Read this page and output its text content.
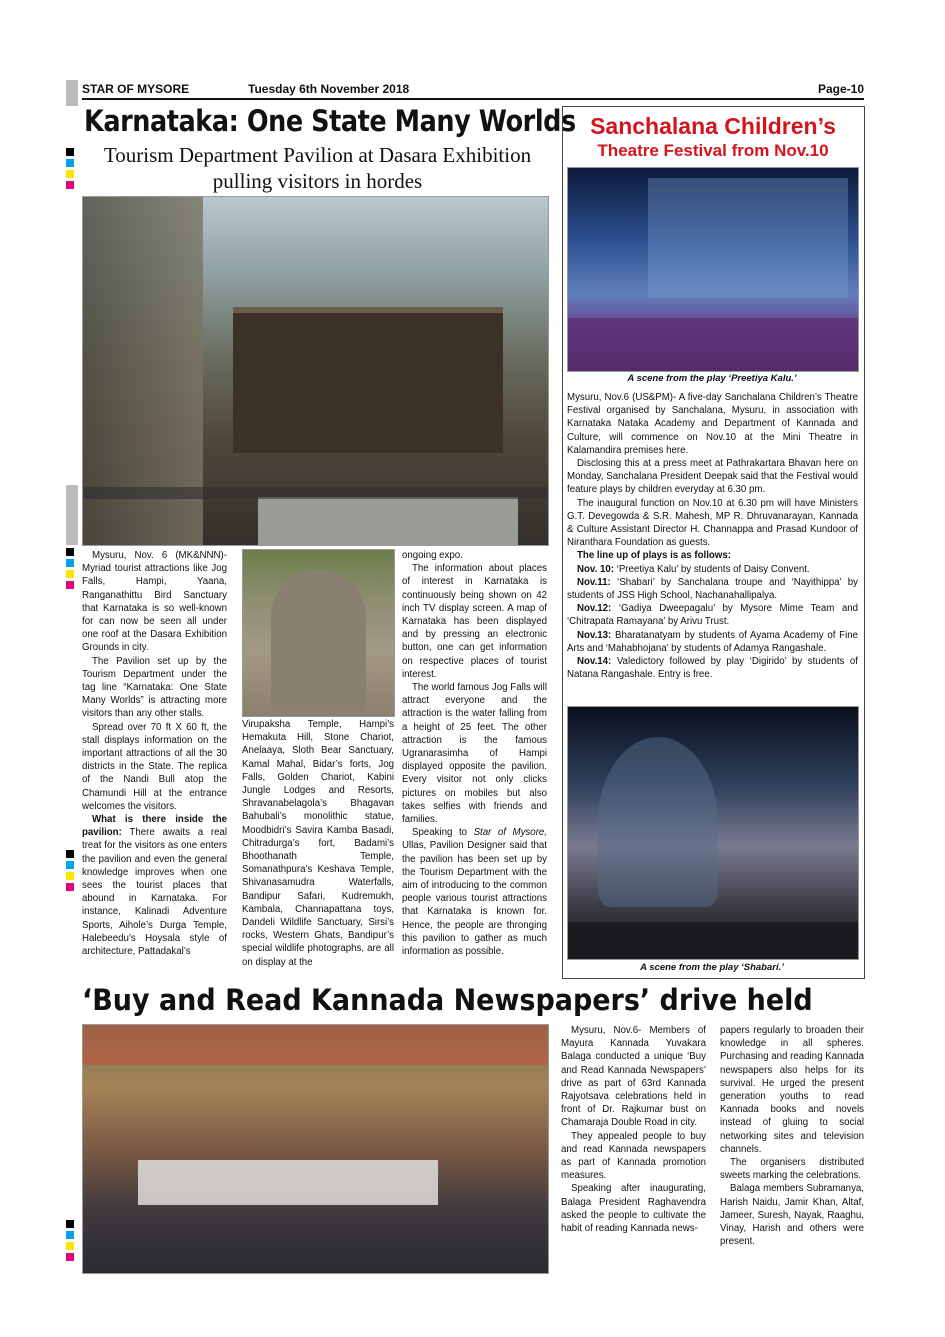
STAR OF MYSORE	Tuesday 6th November 2018	Page-10
Karnataka: One State Many Worlds
Tourism Department Pavilion at Dasara Exhibition pulling visitors in hordes

Mysuru, Nov. 6 (MK&NNN)- Myriad tourist attractions like Jog Falls, Hampi, Yaana, Ranganathittu Bird Sanctuary that Karnataka is so well-known for can now be seen all under one roof at the Dasara Exhibition Grounds in city.

The Pavilion set up by the Tourism Department under the tag line “Karnataka: One State Many Worlds” is attracting more visitors than any other stalls.

Spread over 70 ft X 60 ft, the stall displays information on the important attractions of all the 30 districts in the State. The replica of the Nandi Bull atop the Chamundi Hill at the entrance welcomes the visitors.

What is there inside the pavilion: There awaits a real treat for the visitors as one enters the pavilion and even the general knowledge improves when one sees the tourist places that abound in Karnataka. For instance, Kalinadi Adventure Sports, Aihole’s Durga Temple, Halebeedu’s Hoysala style of architecture, Pattadakal’s

Virupaksha Temple, Hampi’s Hemakuta Hill, Stone Chariot, Anelaaya, Sloth Bear Sanctuary, Kamal Mahal, Bidar’s forts, Jog Falls, Golden Chariot, Kabini Jungle Lodges and Resorts, Shravanabelagola’s Bhagavan Bahubali’s monolithic statue, Moodbidri’s Savira Kamba Basadi, Chitradurga’s fort, Badami’s Bhoothanath Temple, Somanathpura’s Keshava Temple, Shivanasamudra Waterfalls, Bandipur Safari, Kudremukh, Kambala, Channapattana toys, Dandeli Wildlife Sanctuary, Sirsi’s rocks, Western Ghats, Bandipur’s special wildlife photographs, are all on display at the

ongoing expo.

The information about places of interest in Karnataka is continuously being shown on 42 inch TV display screen. A map of Karnataka has been displayed and by pressing an electronic button, one can get information on respective places of tourist interest.

The world famous Jog Falls will attract everyone and the attraction is the water falling from a height of 25 feet. The other attraction is the famous Ugranarasimha of Hampi displayed opposite the pavilion. Every visitor not only clicks pictures on mobiles but also takes selfies with friends and families.

Speaking to Star of Mysore, Ullas, Pavilion Designer said that the pavilion has been set up by the Tourism Department with the aim of introducing to the common people various tourist attractions that Karnataka is known for. Hence, the people are thronging this pavilion to gather as much information as possible.

Sanchalana Children’s
Theatre Festival from Nov.10
A scene from the play ‘Preetiya Kalu.’

Mysuru, Nov.6 (US&PM)- A five-day Sanchalana Children’s Theatre Festival organised by Sanchalana, Mysuru, in association with Karnataka Nataka Academy and Department of Kannada and Culture, will commence on Nov.10 at the Mini Theatre in Kalamandira premises here.

Disclosing this at a press meet at Pathrakartara Bhavan here on Monday, Sanchalana President Deepak said that the Festival would feature plays by children everyday at 6.30 pm.

The inaugural function on Nov.10 at 6.30 pm will have Ministers G.T. Devegowda & S.R. Mahesh, MP R. Dhruvanarayan, Kannada & Culture Assistant Director H. Channappa and Prasad Kundoor of Niranthara Foundation as guests.

The line up of plays is as follows:

Nov. 10: ‘Preetiya Kalu’ by students of Daisy Convent.

Nov.11: ‘Shabari’ by Sanchalana troupe and ‘Nayithippa’ by students of JSS High School, Nachanahallipalya.

Nov.12: ‘Gadiya Dweepagalu’ by Mysore Mime Team and ‘Chitrapata Ramayana’ by Arivu Trust.

Nov.13: Bharatanatyam by students of Ayama Academy of Fine Arts and ‘Mahabhojana’ by students of Adamya Rangashale.

Nov.14: Valedictory followed by play ‘Digirido’ by students of Natana Rangashale. Entry is free.

A scene from the play ‘Shabari.’
‘Buy and Read Kannada Newspapers’ drive held

Mysuru, Nov.6- Members of Mayura Kannada Yuvakara Balaga conducted a unique ‘Buy and Read Kannada Newspapers’ drive as part of 63rd Kannada Rajyotsava celebrations held in front of Dr. Rajkumar bust on Chamaraja Double Road in city.

They appealed people to buy and read Kannada newspapers as part of Kannada promotion measures.

Speaking after inaugurating, Balaga President Raghavendra asked the people to cultivate the habit of reading Kannada news-

papers regularly to broaden their knowledge in all spheres. Purchasing and reading Kannada newspapers also helps for its survival. He urged the present generation youths to read Kannada books and novels instead of gluing to social networking sites and television channels.

The organisers distributed sweets marking the celebrations.

Balaga members Subramanya, Harish Naidu, Jamir Khan, Altaf, Jameer, Suresh, Nayak, Raaghu, Vinay, Harish and others were present.
